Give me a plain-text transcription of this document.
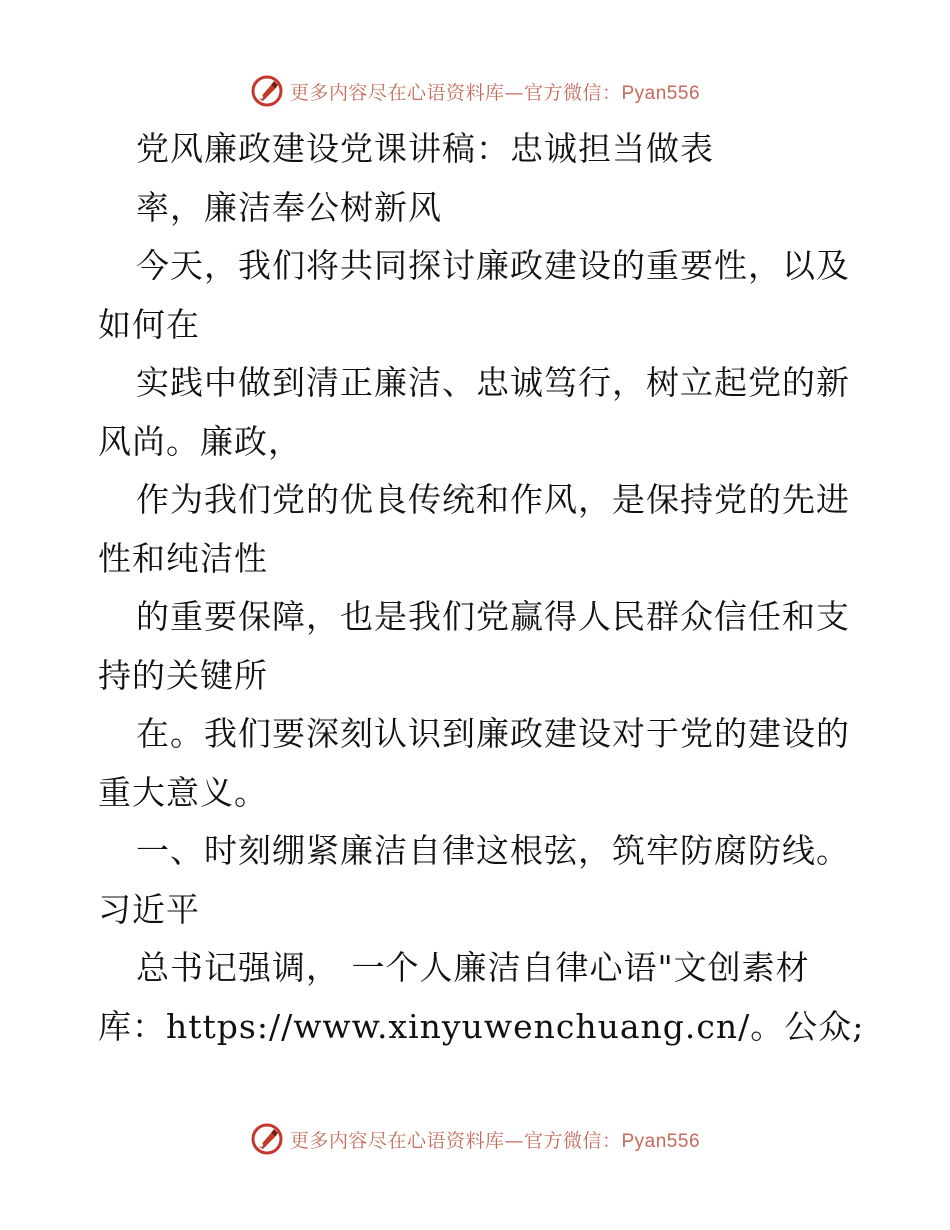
更多内容尽在心语资料库—官方微信：Pyan556
党风廉政建设党课讲稿：忠诚担当做表
率，廉洁奉公树新风
今天，我们将共同探讨廉政建设的重要性，以及
如何在
实践中做到清正廉洁、忠诚笃行，树立起党的新
风尚。廉政，
作为我们党的优良传统和作风，是保持党的先进
性和纯洁性
的重要保障，也是我们党赢得人民群众信任和支
持的关键所
在。我们要深刻认识到廉政建设对于党的建设的
重大意义。
一、时刻绷紧廉洁自律这根弦，筑牢防腐防线。
习近平
总书记强调， 一个人廉洁自律心语"文创素材
库：https://www.xinyuwenchuang.cn/。公众;
更多内容尽在心语资料库—官方微信：Pyan556
